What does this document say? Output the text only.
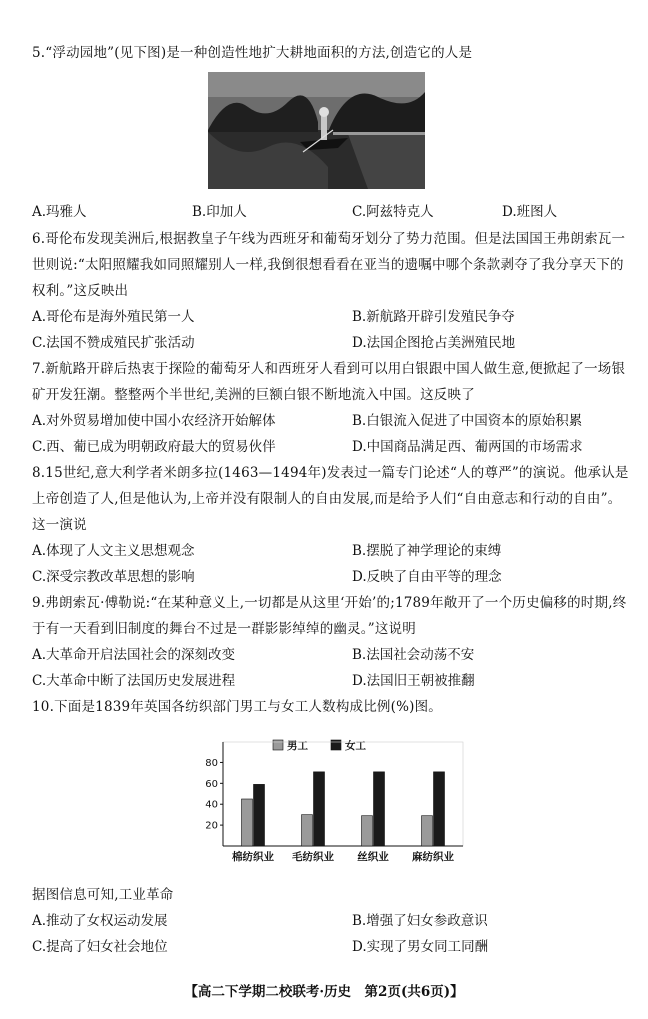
5.“浮动园地”(见下图)是一种创造性地扩大耕地面积的方法,创造它的人是
A.玛雅人	B.印加人	C.阿兹特克人	D.班图人
6.哥伦布发现美洲后,根据教皇子午线为西班牙和葡萄牙划分了势力范围。但是法国国王弗朗索瓦一世则说:“太阳照耀我如同照耀别人一样,我倒很想看看在亚当的遗嘱中哪个条款剥夺了我分享天下的权利。”这反映出
A.哥伦布是海外殖民第一人	B.新航路开辟引发殖民争夺
C.法国不赞成殖民扩张活动	D.法国企图抢占美洲殖民地
7.新航路开辟后热衷于探险的葡萄牙人和西班牙人看到可以用白银跟中国人做生意,便掀起了一场银矿开发狂潮。整整两个半世纪,美洲的巨额白银不断地流入中国。这反映了
A.对外贸易增加使中国小农经济开始解体	B.白银流入促进了中国资本的原始积累
C.西、葡已成为明朝政府最大的贸易伙伴	D.中国商品满足西、葡两国的市场需求
8.15世纪,意大利学者米朗多拉(1463—1494年)发表过一篇专门论述“人的尊严”的演说。他承认是上帝创造了人,但是他认为,上帝并没有限制人的自由发展,而是给予人们“自由意志和行动的自由”。这一演说
A.体现了人文主义思想观念	B.摆脱了神学理论的束缚
C.深受宗教改革思想的影响	D.反映了自由平等的理念
9.弗朗索瓦·傅勒说:“在某种意义上,一切都是从这里‘开始’的;1789年敞开了一个历史偏移的时期,终于有一天看到旧制度的舞台不过是一群影影绰绰的幽灵。”这说明
A.大革命开启法国社会的深刻改变	B.法国社会动荡不安
C.大革命中断了法国历史发展进程	D.法国旧王朝被推翻
10.下面是1839年英国各纺织部门男工与女工人数构成比例(%)图。
男工	女工
20
40
60
80
棉纺织业 毛纺织业 丝织业 麻纺织业
据图信息可知,工业革命
A.推动了女权运动发展	B.增强了妇女参政意识
C.提高了妇女社会地位	D.实现了男女同工同酬
【高二下学期二校联考·历史　第2页(共6页)】
